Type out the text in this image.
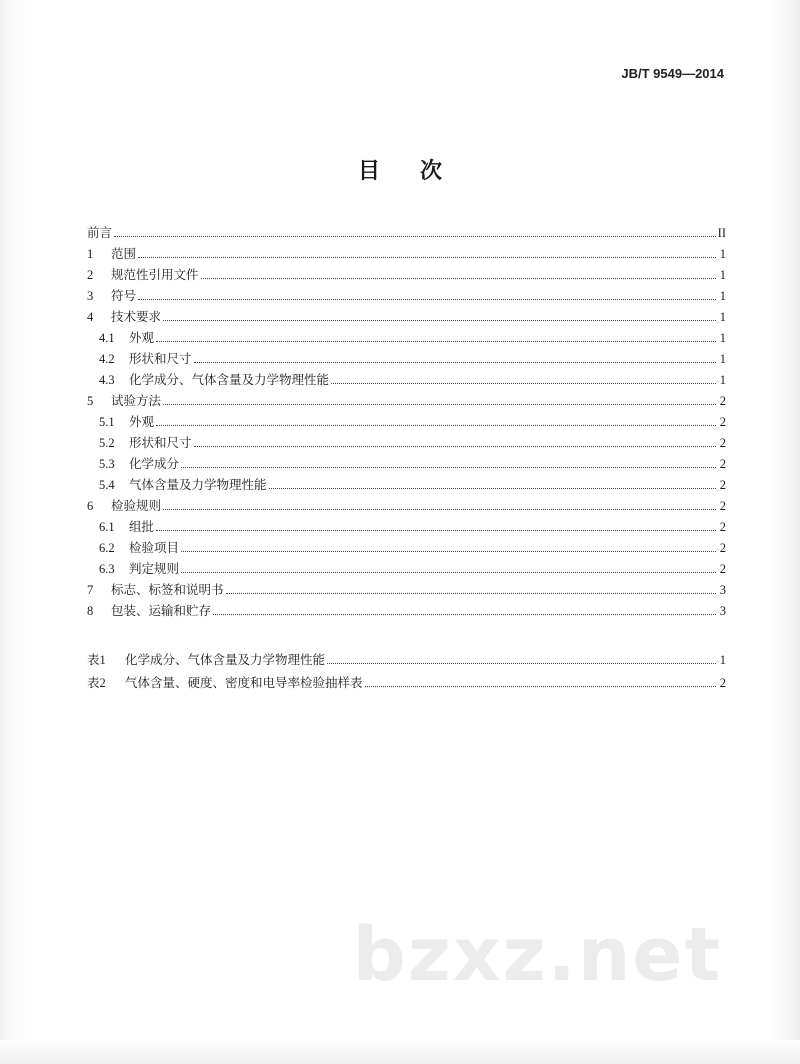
JB/T 9549—2014
目 次
前言	II
1	范围	1
2	规范性引用文件	1
3	符号	1
4	技术要求	1
4.1	外观	1
4.2	形状和尺寸	1
4.3	化学成分、气体含量及力学物理性能	1
5	试验方法	2
5.1	外观	2
5.2	形状和尺寸	2
5.3	化学成分	2
5.4	气体含量及力学物理性能	2
6	检验规则	2
6.1	组批	2
6.2	检验项目	2
6.3	判定规则	2
7	标志、标签和说明书	3
8	包装、运输和贮存	3
表1	化学成分、气体含量及力学物理性能	1
表2	气体含量、硬度、密度和电导率检验抽样表	2
bzxz.net
